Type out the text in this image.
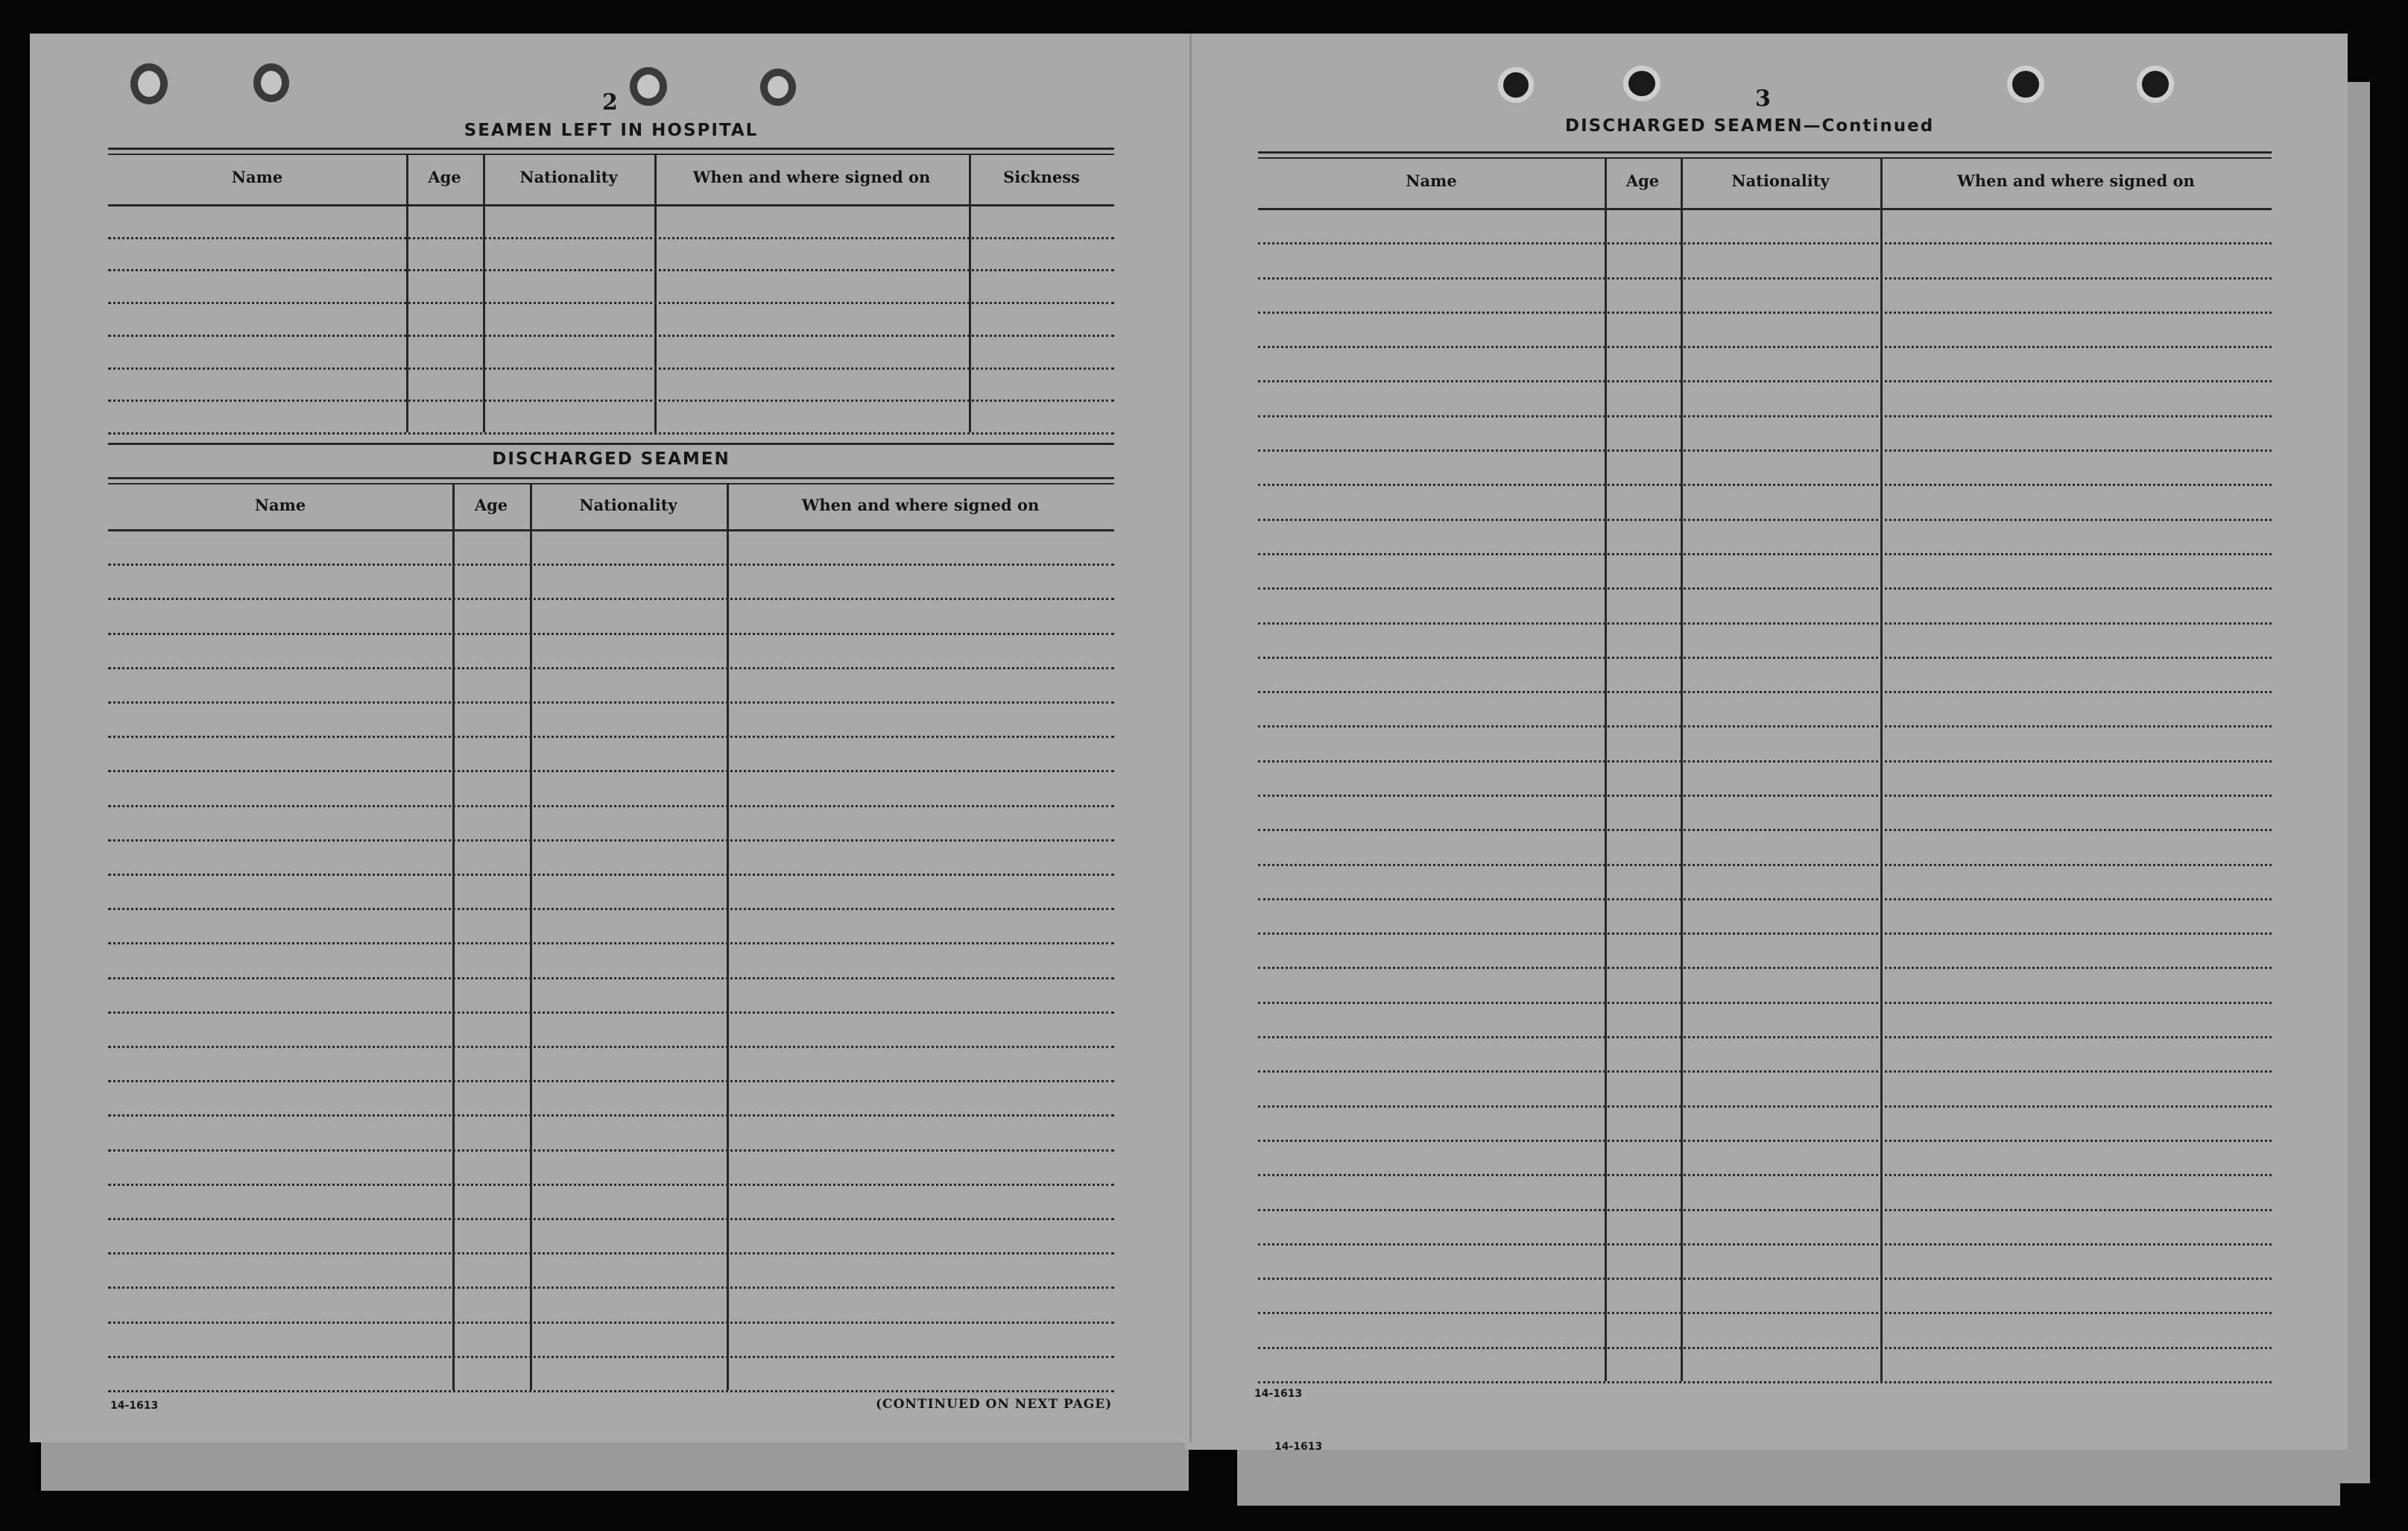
2
SEAMEN LEFT IN HOSPITAL
Name	Age	Nationality	When and where signed on	Sickness
DISCHARGED SEAMEN
Name	Age	Nationality	When and where signed on
14-1613	(CONTINUED ON NEXT PAGE)
3
DISCHARGED SEAMEN—Continued
Name	Age	Nationality	When and where signed on
14-1613
14-1613
